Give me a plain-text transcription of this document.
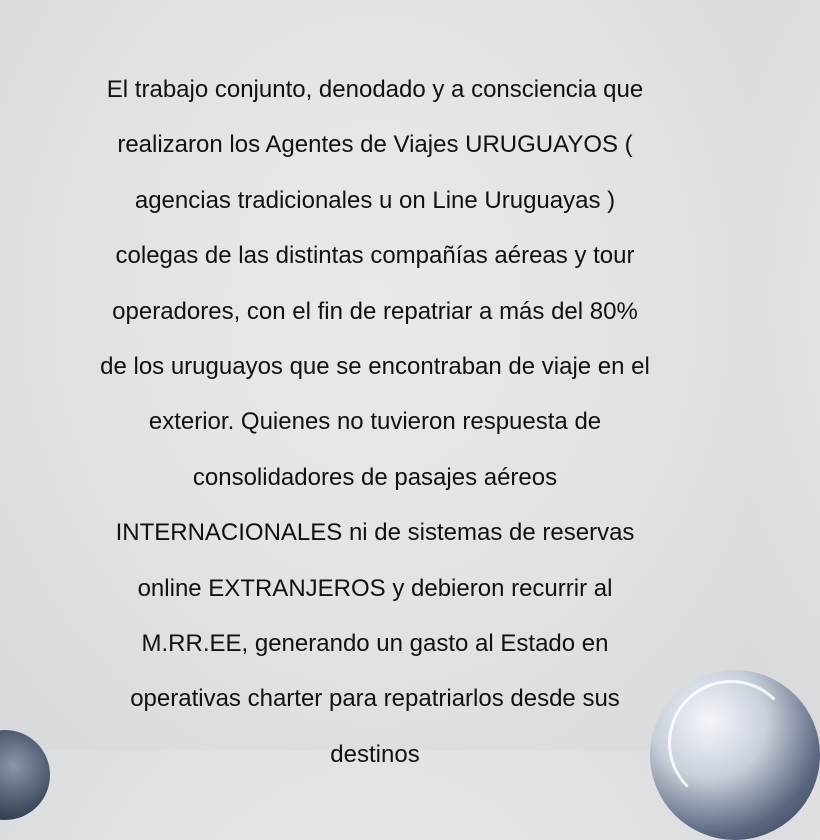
El trabajo conjunto, denodado y a consciencia que
realizaron los Agentes de Viajes URUGUAYOS (
agencias tradicionales u on Line Uruguayas )
colegas de las distintas compañías aéreas y tour
operadores, con el fin de repatriar a más del 80%
de los uruguayos que se encontraban de viaje en el
exterior. Quienes no tuvieron respuesta de
consolidadores de pasajes aéreos
INTERNACIONALES ni de sistemas de reservas
online EXTRANJEROS y debieron recurrir al
M.RR.EE, generando un gasto al Estado en
operativas charter para repatriarlos desde sus
destinos
